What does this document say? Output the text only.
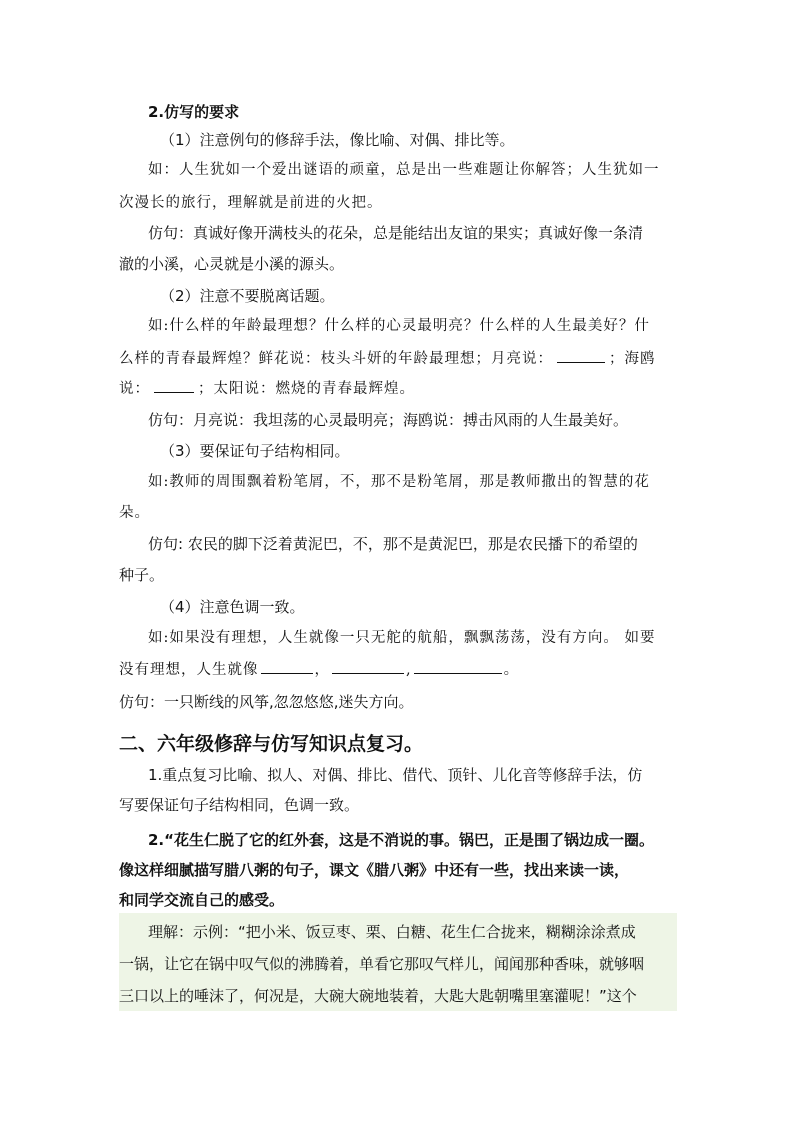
2.仿写的要求
（1）注意例句的修辞手法，像比喻、对偶、排比等。
如：人生犹如一个爱出谜语的顽童，总是出一些难题让你解答；人生犹如一
次漫长的旅行，理解就是前进的火把。
仿句：真诚好像开满枝头的花朵，总是能结出友谊的果实；真诚好像一条清
澈的小溪，心灵就是小溪的源头。
（2）注意不要脱离话题。
如:什么样的年龄最理想？什么样的心灵最明亮？什么样的人生最美好？什
么样的青春最辉煌？鲜花说：枝头斗妍的年龄最理想；月亮说：	；海鸥
说：	；太阳说：燃烧的青春最辉煌。
仿句：月亮说：我坦荡的心灵最明亮；海鸥说：搏击风雨的人生最美好。
（3）要保证句子结构相同。
如:教师的周围飘着粉笔屑，不，那不是粉笔屑，那是教师撒出的智慧的花
朵。
仿句: 农民的脚下泛着黄泥巴，不，那不是黄泥巴，那是农民播下的希望的
种子。
（4）注意色调一致。
如:如果没有理想，人生就像一只无舵的航船，飘飘荡荡，没有方向。 如要
没有理想，人生就像	，	,	。
仿句：一只断线的风筝,忽忽悠悠,迷失方向。
二、六年级修辞与仿写知识点复习。
1.重点复习比喻、拟人、对偶、排比、借代、顶针、儿化音等修辞手法，仿
写要保证句子结构相同，色调一致。
2.“花生仁脱了它的红外套，这是不消说的事。锅巴，正是围了锅边成一圈。
像这样细腻描写腊八粥的句子，课文《腊八粥》中还有一些，找出来读一读，
和同学交流自己的感受。
理解：示例：“把小米、饭豆枣、栗、白糖、花生仁合拢来，糊糊涂涂煮成
一锅，让它在锅中叹气似的沸腾着，单看它那叹气样儿，闻闻那种香味，就够咽
三口以上的唾沫了，何况是，大碗大碗地装着，大匙大匙朝嘴里塞灌呢！”这个
